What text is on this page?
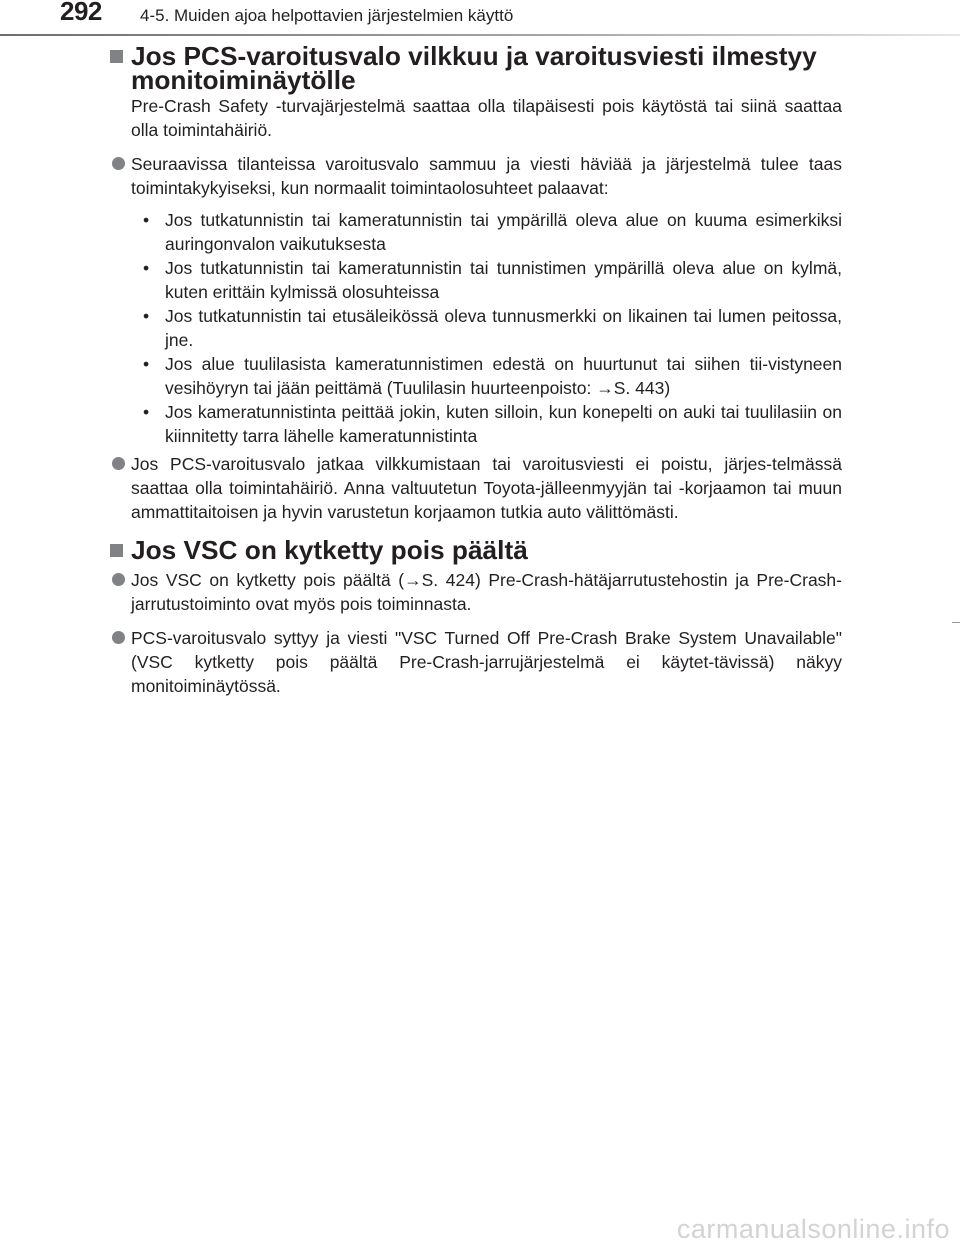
292 4-5. Muiden ajoa helpottavien järjestelmien käyttö
Jos PCS-varoitusvalo vilkkuu ja varoitusviesti ilmestyy monitoiminäytölle

Pre-Crash Safety -turvajärjestelmä saattaa olla tilapäisesti pois käytöstä tai siinä saattaa olla toimintahäiriö.

Seuraavissa tilanteissa varoitusvalo sammuu ja viesti häviää ja järjestelmä tulee taas toimintakykyiseksi, kun normaalit toimintaolosuhteet palaavat:
• Jos tutkatunnistin tai kameratunnistin tai ympärillä oleva alue on kuuma esimerkiksi auringonvalon vaikutuksesta
• Jos tutkatunnistin tai kameratunnistin tai tunnistimen ympärillä oleva alue on kylmä, kuten erittäin kylmissä olosuhteissa
• Jos tutkatunnistin tai etusäleikössä oleva tunnusmerkki on likainen tai lumen peitossa, jne.
• Jos alue tuulilasista kameratunnistimen edestä on huurtunut tai siihen tii-vistyneen vesihöyryn tai jään peittämä (Tuulilasin huurteenpoisto: →S. 443)
• Jos kameratunnistinta peittää jokin, kuten silloin, kun konepelti on auki tai tuulilasiin on kiinnitetty tarra lähelle kameratunnistinta
Jos PCS-varoitusvalo jatkaa vilkkumistaan tai varoitusviesti ei poistu, järjes-telmässä saattaa olla toimintahäiriö. Anna valtuutetun Toyota-jälleenmyyjän tai -korjaamon tai muun ammattitaitoisen ja hyvin varustetun korjaamon tutkia auto välittömästi.
Jos VSC on kytketty pois päältä
Jos VSC on kytketty pois päältä (→S. 424) Pre-Crash-hätäjarrutustehostin ja Pre-Crash-jarrutustoiminto ovat myös pois toiminnasta.
PCS-varoitusvalo syttyy ja viesti "VSC Turned Off Pre-Crash Brake System Unavailable" (VSC kytketty pois päältä Pre-Crash-jarrujärjestelmä ei käytet-tävissä) näkyy monitoiminäytössä.
carmanualsonline.info
